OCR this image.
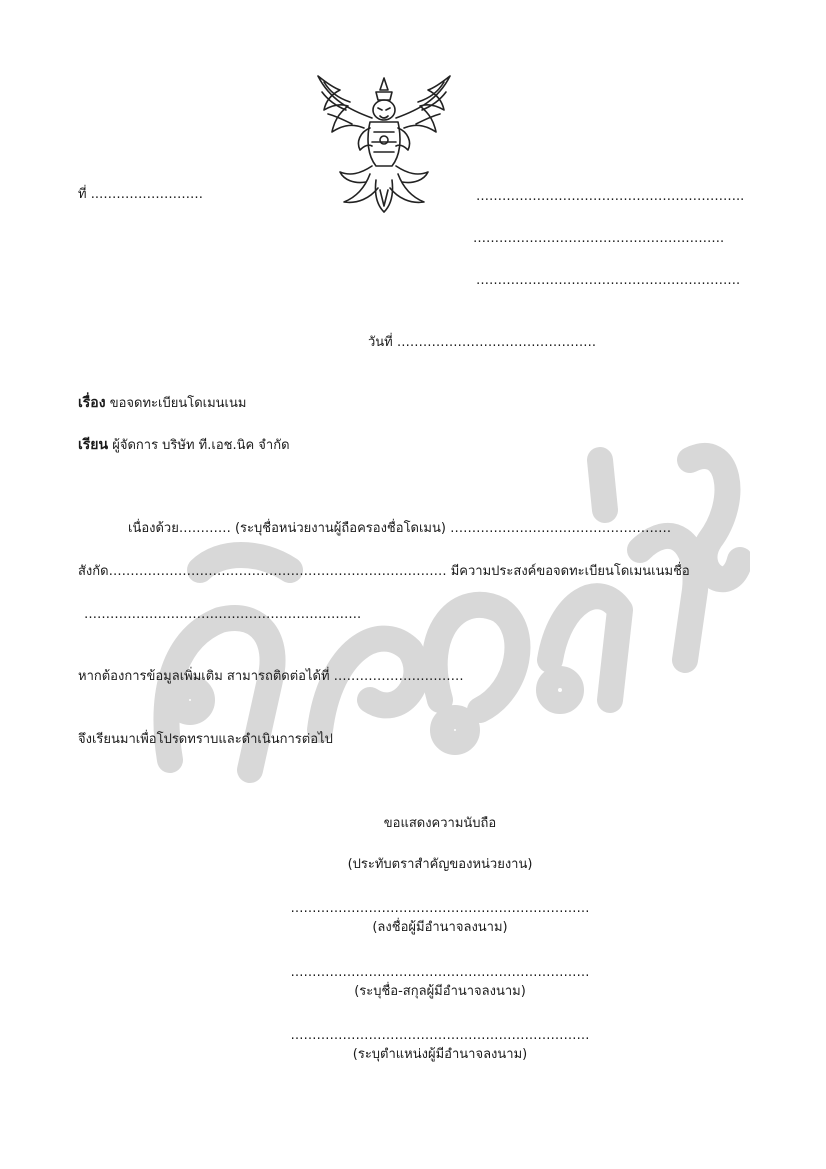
ที่ ..……………………	……………………………………………………..
………………………………………………….
…………………………………………………….
วันที่ ……………………………………….
เรื่อง ขอจดทะเบียนโดเมนเนม
เรียน ผู้จัดการ บริษัท ที.เอช.นิค จำกัด
เนื่องด้วย………… (ระบุชื่อหน่วยงานผู้ถือครองชื่อโดเมน) ……………………………………………
สังกัด…………………………………………………………………… มีความประสงค์ขอจดทะเบียนโดเมนเนมชื่อ
……………………………………………………….
หากต้องการข้อมูลเพิ่มเติม สามารถติดต่อได้ที่ …………………………
จึงเรียนมาเพื่อโปรดทราบและดำเนินการต่อไป
ขอแสดงความนับถือ
(ประทับตราสำคัญของหน่วยงาน)
……………………………………………………………
(ลงชื่อผู้มีอำนาจลงนาม)
……………………………………………………………
(ระบุชื่อ-สกุลผู้มีอำนาจลงนาม)
……………………………………………………………
(ระบุตำแหน่งผู้มีอำนาจลงนาม)
